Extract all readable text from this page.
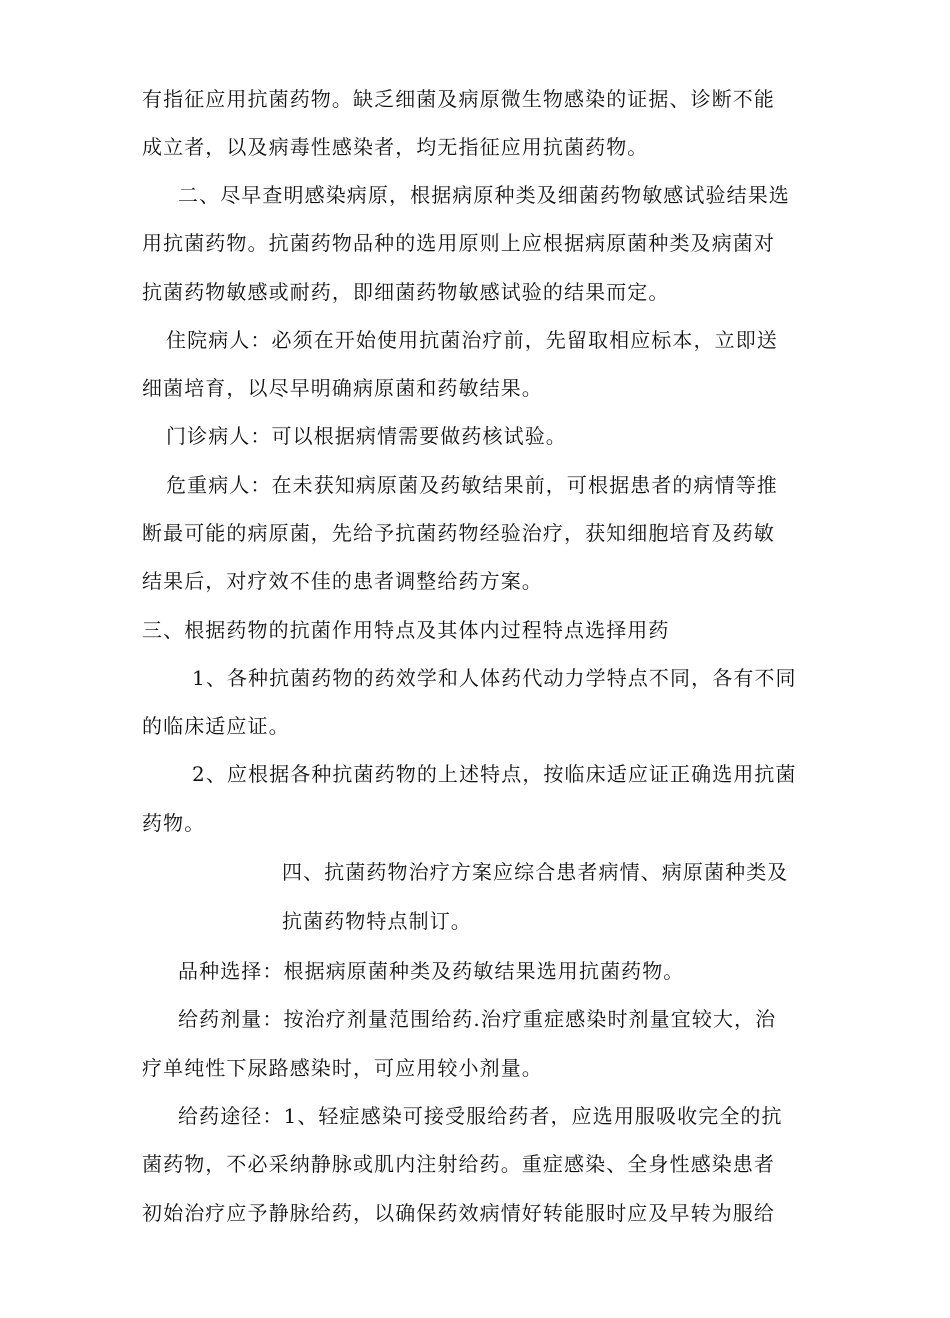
有指征应用抗菌药物。缺乏细菌及病原微生物感染的证据、诊断不能
成立者，以及病毒性感染者，均无指征应用抗菌药物。
二、尽早查明感染病原，根据病原种类及细菌药物敏感试验结果选
用抗菌药物。抗菌药物品种的选用原则上应根据病原菌种类及病菌对
抗菌药物敏感或耐药，即细菌药物敏感试验的结果而定。
住院病人：必须在开始使用抗菌治疗前，先留取相应标本，立即送
细菌培育，以尽早明确病原菌和药敏结果。
门诊病人：可以根据病情需要做药核试验。
危重病人：在未获知病原菌及药敏结果前，可根据患者的病情等推
断最可能的病原菌，先给予抗菌药物经验治疗，获知细胞培育及药敏
结果后，对疗效不佳的患者调整给药方案。
三、根据药物的抗菌作用特点及其体内过程特点选择用药
1、各种抗菌药物的药效学和人体药代动力学特点不同，各有不同
的临床适应证。
2、应根据各种抗菌药物的上述特点，按临床适应证正确选用抗菌
药物。
四、抗菌药物治疗方案应综合患者病情、病原菌种类及
抗菌药物特点制订。
品种选择：根据病原菌种类及药敏结果选用抗菌药物。
给药剂量：按治疗剂量范围给药.治疗重症感染时剂量宜较大，治
疗单纯性下尿路感染时，可应用较小剂量。
给药途径：1、轻症感染可接受服给药者，应选用服吸收完全的抗
菌药物，不必采纳静脉或肌内注射给药。重症感染、全身性感染患者
初始治疗应予静脉给药，以确保药效病情好转能服时应及早转为服给
